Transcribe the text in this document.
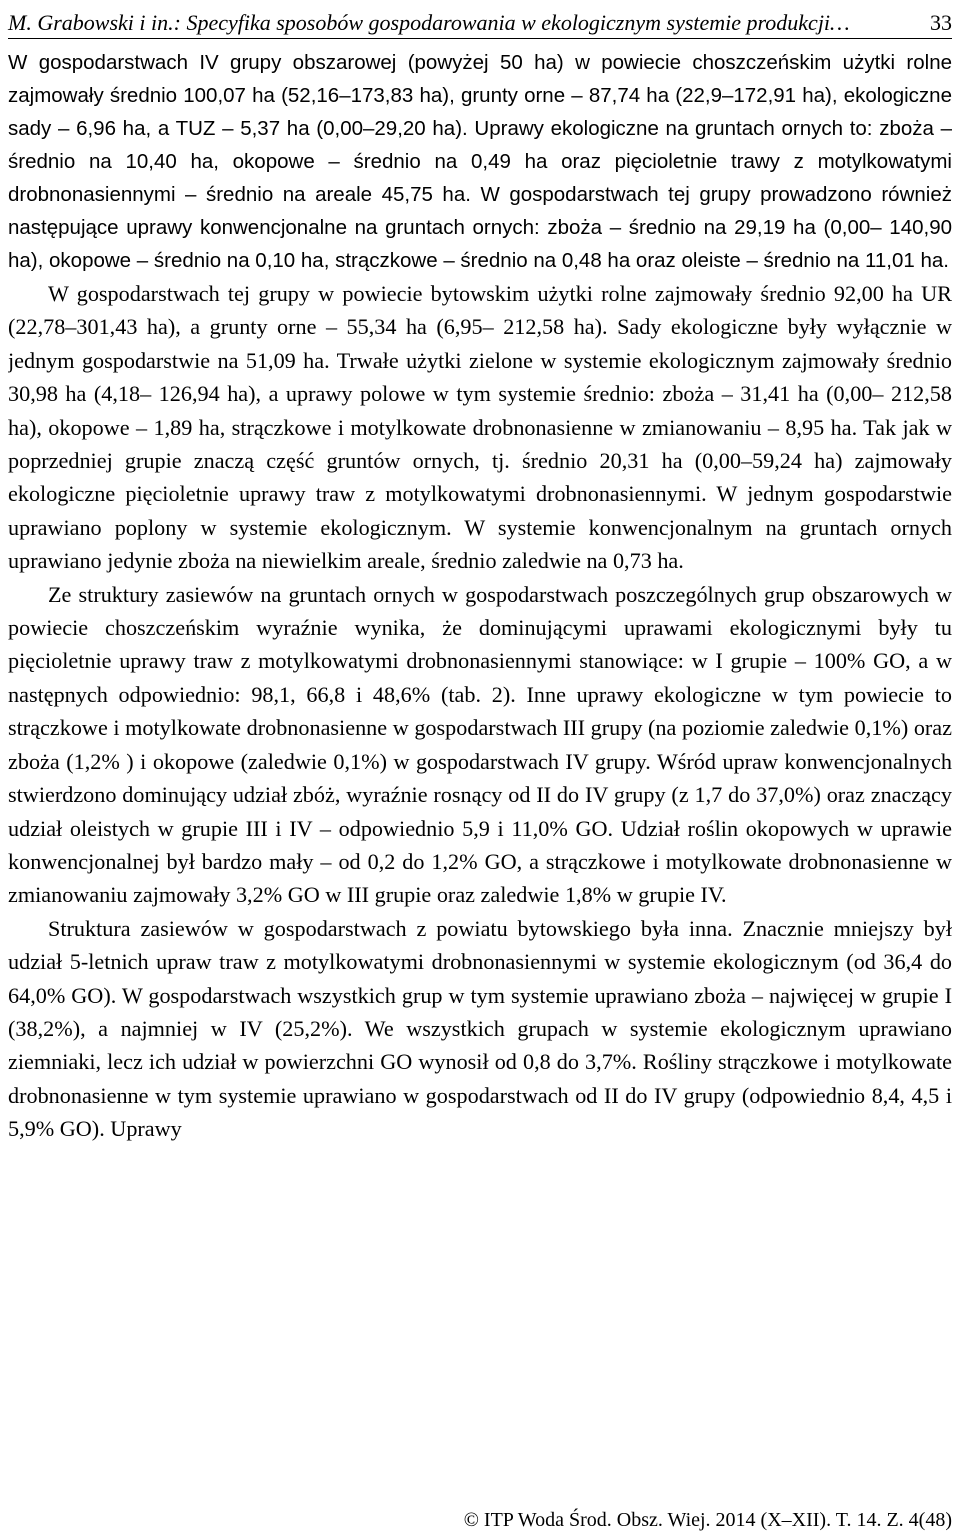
M. Grabowski i in.: Specyfika sposobów gospodarowania w ekologicznym systemie produkcji…	33

W gospodarstwach IV grupy obszarowej (powyżej 50 ha) w powiecie choszczeńskim użytki rolne zajmowały średnio 100,07 ha (52,16–173,83 ha), grunty orne – 87,74 ha (22,9–172,91 ha), ekologiczne sady – 6,96 ha, a TUZ – 5,37 ha (0,00–29,20 ha). Uprawy ekologiczne na gruntach ornych to: zboża – średnio na 10,40 ha, okopowe – średnio na 0,49 ha oraz pięcioletnie trawy z motylkowatymi drobnonasiennymi – średnio na areale 45,75 ha. W gospodarstwach tej grupy prowadzono również następujące uprawy konwencjonalne na gruntach ornych: zboża – średnio na 29,19 ha (0,00– 140,90 ha), okopowe – średnio na 0,10 ha, strączkowe – średnio na 0,48 ha oraz oleiste – średnio na 11,01 ha.

W gospodarstwach tej grupy w powiecie bytowskim użytki rolne zajmowały średnio 92,00 ha UR (22,78–301,43 ha), a grunty orne – 55,34 ha (6,95– 212,58 ha). Sady ekologiczne były wyłącznie w jednym gospodarstwie na 51,09 ha. Trwałe użytki zielone w systemie ekologicznym zajmowały średnio 30,98 ha (4,18– 126,94 ha), a uprawy polowe w tym systemie średnio: zboża – 31,41 ha (0,00– 212,58 ha), okopowe – 1,89 ha, strączkowe i motylkowate drobnonasienne w zmianowaniu – 8,95 ha. Tak jak w poprzedniej grupie znaczą część gruntów ornych, tj. średnio 20,31 ha (0,00–59,24 ha) zajmowały ekologiczne pięcioletnie uprawy traw z motylkowatymi drobnonasiennymi. W jednym gospodarstwie uprawiano poplony w systemie ekologicznym. W systemie konwencjonalnym na gruntach ornych uprawiano jedynie zboża na niewielkim areale, średnio zaledwie na 0,73 ha.

Ze struktury zasiewów na gruntach ornych w gospodarstwach poszczególnych grup obszarowych w powiecie choszczeńskim wyraźnie wynika, że dominującymi uprawami ekologicznymi były tu pięcioletnie uprawy traw z motylkowatymi drobnonasiennymi stanowiące: w I grupie – 100% GO, a w następnych odpowiednio: 98,1, 66,8 i 48,6% (tab. 2). Inne uprawy ekologiczne w tym powiecie to strączkowe i motylkowate drobnonasienne w gospodarstwach III grupy (na poziomie zaledwie 0,1%) oraz zboża (1,2% ) i okopowe (zaledwie 0,1%) w gospodarstwach IV grupy. Wśród upraw konwencjonalnych stwierdzono dominujący udział zbóż, wyraźnie rosnący od II do IV grupy (z 1,7 do 37,0%) oraz znaczący udział oleistych w grupie III i IV – odpowiednio 5,9 i 11,0% GO. Udział roślin okopowych w uprawie konwencjonalnej był bardzo mały – od 0,2 do 1,2% GO, a strączkowe i motylkowate drobnonasienne w zmianowaniu zajmowały 3,2% GO w III grupie oraz zaledwie 1,8% w grupie IV.

Struktura zasiewów w gospodarstwach z powiatu bytowskiego była inna. Znacznie mniejszy był udział 5-letnich upraw traw z motylkowatymi drobnonasiennymi w systemie ekologicznym (od 36,4 do 64,0% GO). W gospodarstwach wszystkich grup w tym systemie uprawiano zboża – najwięcej w grupie I (38,2%), a najmniej w IV (25,2%). We wszystkich grupach w systemie ekologicznym uprawiano ziemniaki, lecz ich udział w powierzchni GO wynosił od 0,8 do 3,7%. Rośliny strączkowe i motylkowate drobnonasienne w tym systemie uprawiano w gospodarstwach od II do IV grupy (odpowiednio 8,4, 4,5 i 5,9% GO). Uprawy

© ITP Woda Środ. Obsz. Wiej. 2014 (X–XII). T. 14. Z. 4(48)
